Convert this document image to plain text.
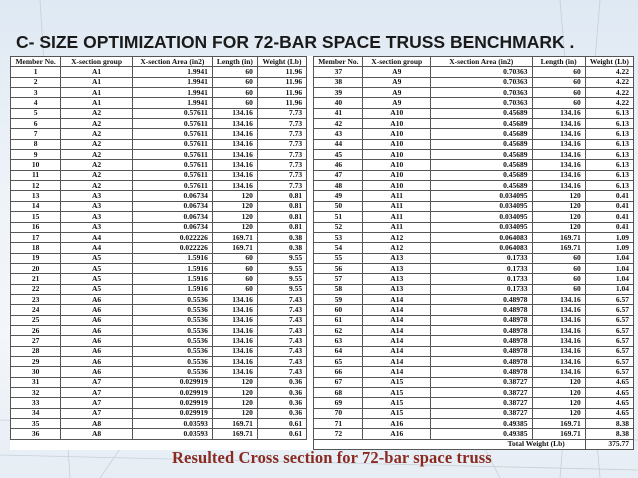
C- SIZE OPTIMIZATION FOR 72-BAR SPACE TRUSS BENCHMARK .
Member No.	X-section group	X-section Area (in2)	Length (in)	Weight (Lb)		Member No.	X-section group	X-section Area (in2)	Length (in)	Weight (Lb)
1	A1	1.9941	60	11.96		37	A9	0.70363	60	4.22
2	A1	1.9941	60	11.96		38	A9	0.70363	60	4.22
3	A1	1.9941	60	11.96		39	A9	0.70363	60	4.22
4	A1	1.9941	60	11.96		40	A9	0.70363	60	4.22
5	A2	0.57611	134.16	7.73		41	A10	0.45689	134.16	6.13
6	A2	0.57611	134.16	7.73		42	A10	0.45689	134.16	6.13
7	A2	0.57611	134.16	7.73		43	A10	0.45689	134.16	6.13
8	A2	0.57611	134.16	7.73		44	A10	0.45689	134.16	6.13
9	A2	0.57611	134.16	7.73		45	A10	0.45689	134.16	6.13
10	A2	0.57611	134.16	7.73		46	A10	0.45689	134.16	6.13
11	A2	0.57611	134.16	7.73		47	A10	0.45689	134.16	6.13
12	A2	0.57611	134.16	7.73		48	A10	0.45689	134.16	6.13
13	A3	0.06734	120	0.81		49	A11	0.034095	120	0.41
14	A3	0.06734	120	0.81		50	A11	0.034095	120	0.41
15	A3	0.06734	120	0.81		51	A11	0.034095	120	0.41
16	A3	0.06734	120	0.81		52	A11	0.034095	120	0.41
17	A4	0.022226	169.71	0.38		53	A12	0.064083	169.71	1.09
18	A4	0.022226	169.71	0.38		54	A12	0.064083	169.71	1.09
19	A5	1.5916	60	9.55		55	A13	0.1733	60	1.04
20	A5	1.5916	60	9.55		56	A13	0.1733	60	1.04
21	A5	1.5916	60	9.55		57	A13	0.1733	60	1.04
22	A5	1.5916	60	9.55		58	A13	0.1733	60	1.04
23	A6	0.5536	134.16	7.43		59	A14	0.48978	134.16	6.57
24	A6	0.5536	134.16	7.43		60	A14	0.48978	134.16	6.57
25	A6	0.5536	134.16	7.43		61	A14	0.48978	134.16	6.57
26	A6	0.5536	134.16	7.43		62	A14	0.48978	134.16	6.57
27	A6	0.5536	134.16	7.43		63	A14	0.48978	134.16	6.57
28	A6	0.5536	134.16	7.43		64	A14	0.48978	134.16	6.57
29	A6	0.5536	134.16	7.43		65	A14	0.48978	134.16	6.57
30	A6	0.5536	134.16	7.43		66	A14	0.48978	134.16	6.57
31	A7	0.029919	120	0.36		67	A15	0.38727	120	4.65
32	A7	0.029919	120	0.36		68	A15	0.38727	120	4.65
33	A7	0.029919	120	0.36		69	A15	0.38727	120	4.65
34	A7	0.029919	120	0.36		70	A15	0.38727	120	4.65
35	A8	0.03593	169.71	0.61		71	A16	0.49385	169.71	8.38
36	A8	0.03593	169.71	0.61		72	A16	0.49385	169.71	8.38
						Total Weight (Lb)				375.77
Resulted Cross section for 72-bar space truss
